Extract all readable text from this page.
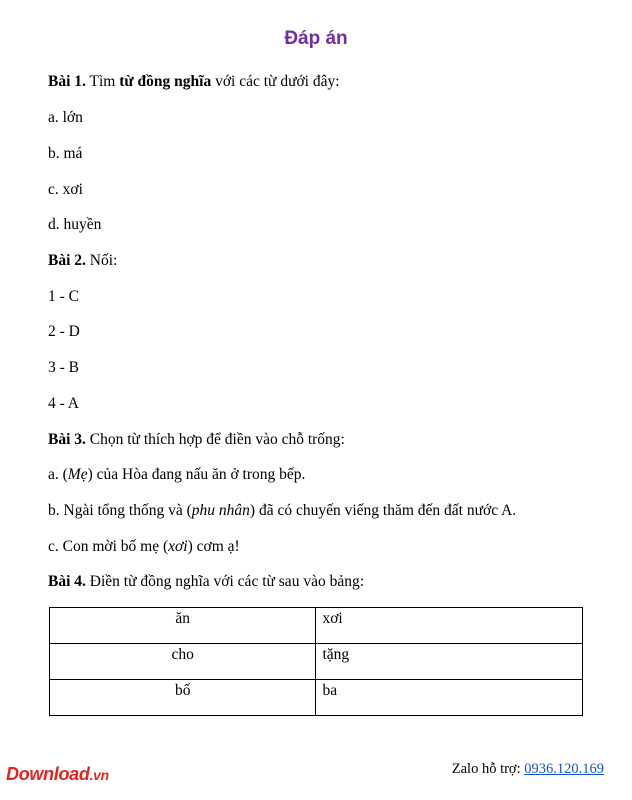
Đáp án
Bài 1. Tìm từ đồng nghĩa với các từ dưới đây:
a. lớn
b. má
c. xơi
d. huyền
Bài 2. Nối:
1 - C
2 - D
3 - B
4 - A
Bài 3. Chọn từ thích hợp để điền vào chỗ trống:
a. (Mẹ) của Hòa đang nấu ăn ở trong bếp.
b. Ngài tổng thống và (phu nhân) đã có chuyến viếng thăm đến đất nước A.
c. Con mời bố mẹ (xơi) cơm ạ!
Bài 4. Điền từ đồng nghĩa với các từ sau vào bảng:
ăn	xơi
cho	tặng
bố	ba
Download.vn	Zalo hỗ trợ: 0936.120.169
